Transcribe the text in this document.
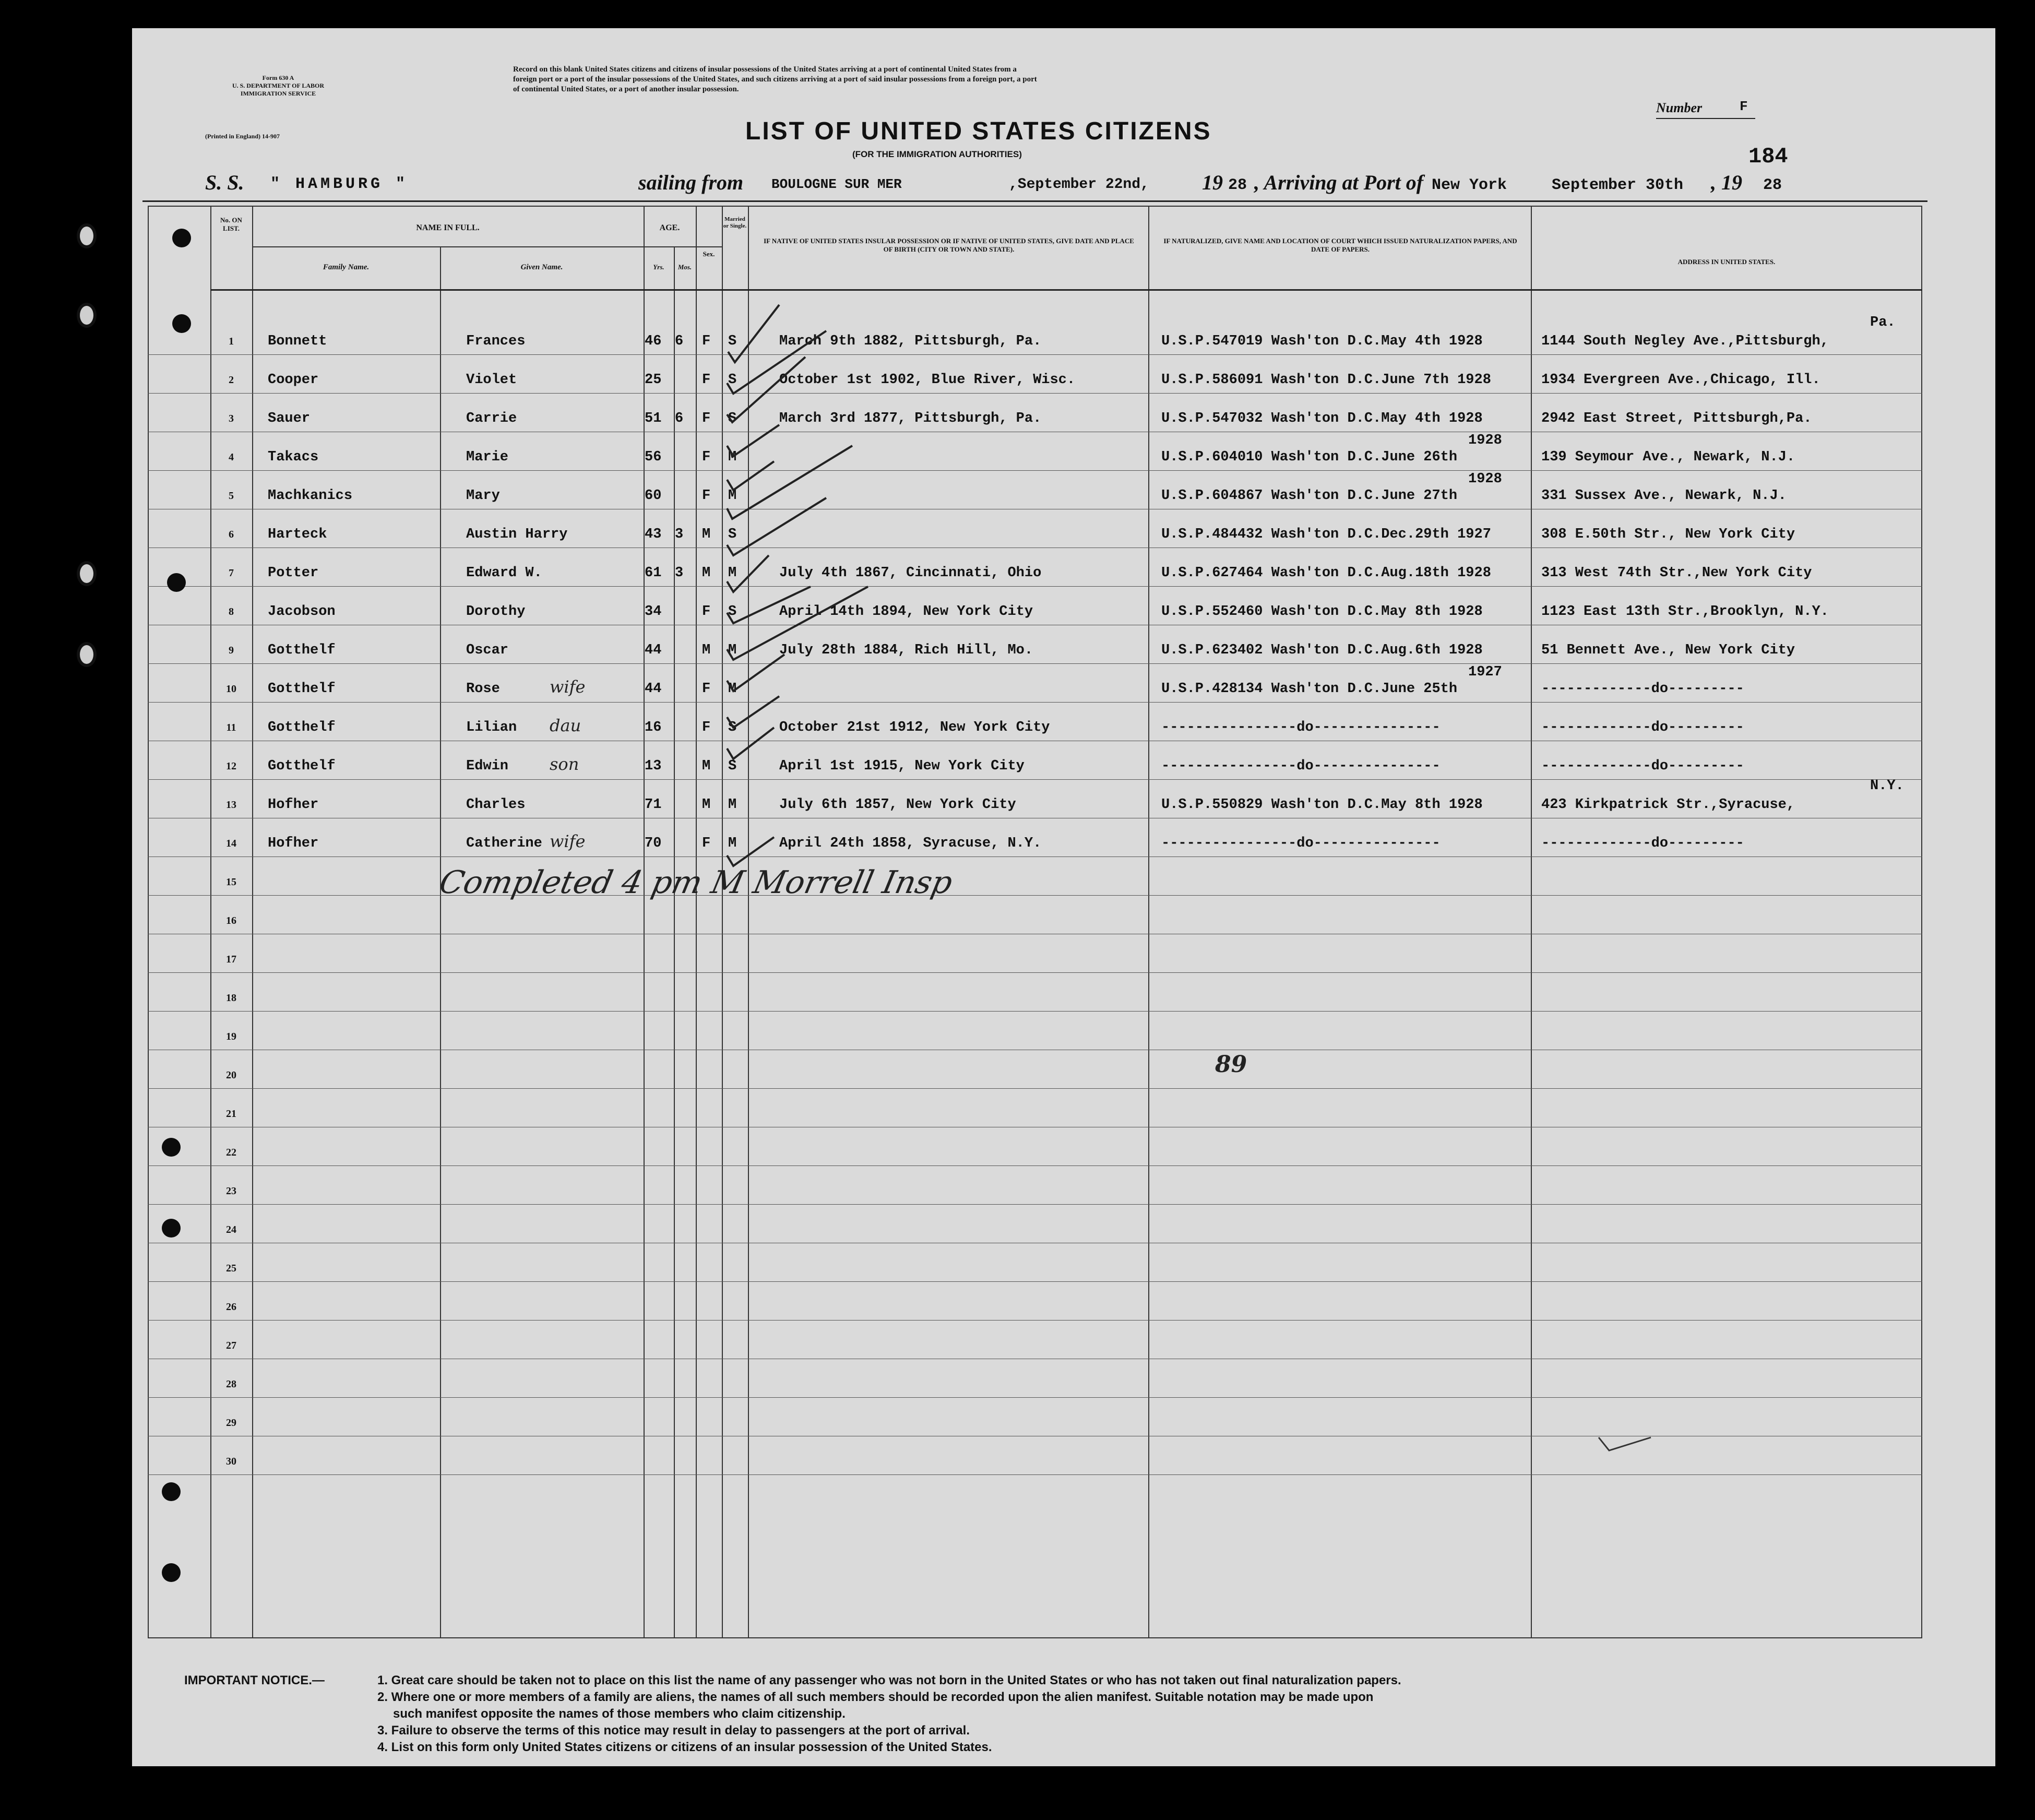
Form 630 A
U. S. DEPARTMENT OF LABOR
IMMIGRATION SERVICE
(Printed in England) 14-907
Record on this blank United States citizens and citizens of insular possessions of the United States arriving at a port of continental United States from a
foreign port or a port of the insular possessions of the United States, and such citizens arriving at a port of said insular possessions from a foreign port, a port
of continental United States, or a port of another insular possession.
Number	F
LIST OF UNITED STATES CITIZENS
(FOR THE IMMIGRATION AUTHORITIES)	184
S. S. " HAMBURG "	sailing from BOULOGNE SUR MER	,September 22nd,	19 28 , Arriving at Port of New York	September 30th , 19 28
No. ON LIST.	NAME IN FULL.
Family Name.	Given Name.
AGE.
Yrs.	Mos.
Sex.
Married or Single.
IF NATIVE OF UNITED STATES INSULAR POSSESSION OR IF NATIVE OF UNITED STATES, GIVE DATE AND PLACE OF BIRTH (CITY OR TOWN AND STATE).
IF NATURALIZED, GIVE NAME AND LOCATION OF COURT WHICH ISSUED NATURALIZATION PAPERS, AND DATE OF PAPERS.
ADDRESS IN UNITED STATES.
1	Bonnett	Frances	46 6 F S	March 9th 1882, Pittsburgh, Pa.	U.S.P.547019 Wash'ton D.C.May 4th 1928	1144 South Negley Ave.,Pittsburgh,
Pa.
2	Cooper	Violet	25	F S	October 1st 1902, Blue River, Wisc.	U.S.P.586091 Wash'ton D.C.June 7th 1928	1934 Evergreen Ave.,Chicago, Ill.
3	Sauer	Carrie	51 6 F S	March 3rd 1877, Pittsburgh, Pa.	U.S.P.547032 Wash'ton D.C.May 4th 1928	2942 East Street, Pittsburgh,Pa.
4	Takacs	Marie	56	F M	U.S.P.604010 Wash'ton D.C.June 26th	139 Seymour Ave., Newark, N.J.
1928
5	Machkanics	Mary	60	F M	U.S.P.604867 Wash'ton D.C.June 27th	331 Sussex Ave., Newark, N.J.
1928
6	Harteck	Austin Harry	43 3 M S	U.S.P.484432 Wash'ton D.C.Dec.29th 1927	308 E.50th Str., New York City
7	Potter	Edward W.	61 3 M M	July 4th 1867, Cincinnati, Ohio	U.S.P.627464 Wash'ton D.C.Aug.18th 1928	313 West 74th Str.,New York City
8	Jacobson	Dorothy	34	F S	April 14th 1894, New York City	U.S.P.552460 Wash'ton D.C.May 8th 1928	1123 East 13th Str.,Brooklyn, N.Y.
9	Gotthelf	Oscar	44	M M	July 28th 1884, Rich Hill, Mo.	U.S.P.623402 Wash'ton D.C.Aug.6th 1928	51 Bennett Ave., New York City
10	Gotthelf	Rose	44	F M	U.S.P.428134 Wash'ton D.C.June 25th	-------------do---------
1927
wife
11	Gotthelf	Lilian	16	F S	October 21st 1912, New York City	----------------do---------------	-------------do---------
dau
12	Gotthelf	Edwin	13	M S	April 1st 1915, New York City	----------------do---------------	-------------do---------
son
13	Hofher	Charles	71	M M	July 6th 1857, New York City	U.S.P.550829 Wash'ton D.C.May 8th 1928	423 Kirkpatrick Str.,Syracuse,
N.Y.
14	Hofher	Catherine	70	F M	April 24th 1858, Syracuse, N.Y.	----------------do---------------	-------------do---------
wife
15
16
17
18
19
20
21
22
23
24
25
26
27
28
29
30
Completed 4 pm M Morrell Insp
89
IMPORTANT NOTICE.—	1. Great care should be taken not to place on this list the name of any passenger who was not born in the United States or who has not taken out final naturalization papers.
2. Where one or more members of a family are aliens, the names of all such members should be recorded upon the alien manifest. Suitable notation may be made upon
such manifest opposite the names of those members who claim citizenship.
3. Failure to observe the terms of this notice may result in delay to passengers at the port of arrival.
4. List on this form only United States citizens or citizens of an insular possession of the United States.
